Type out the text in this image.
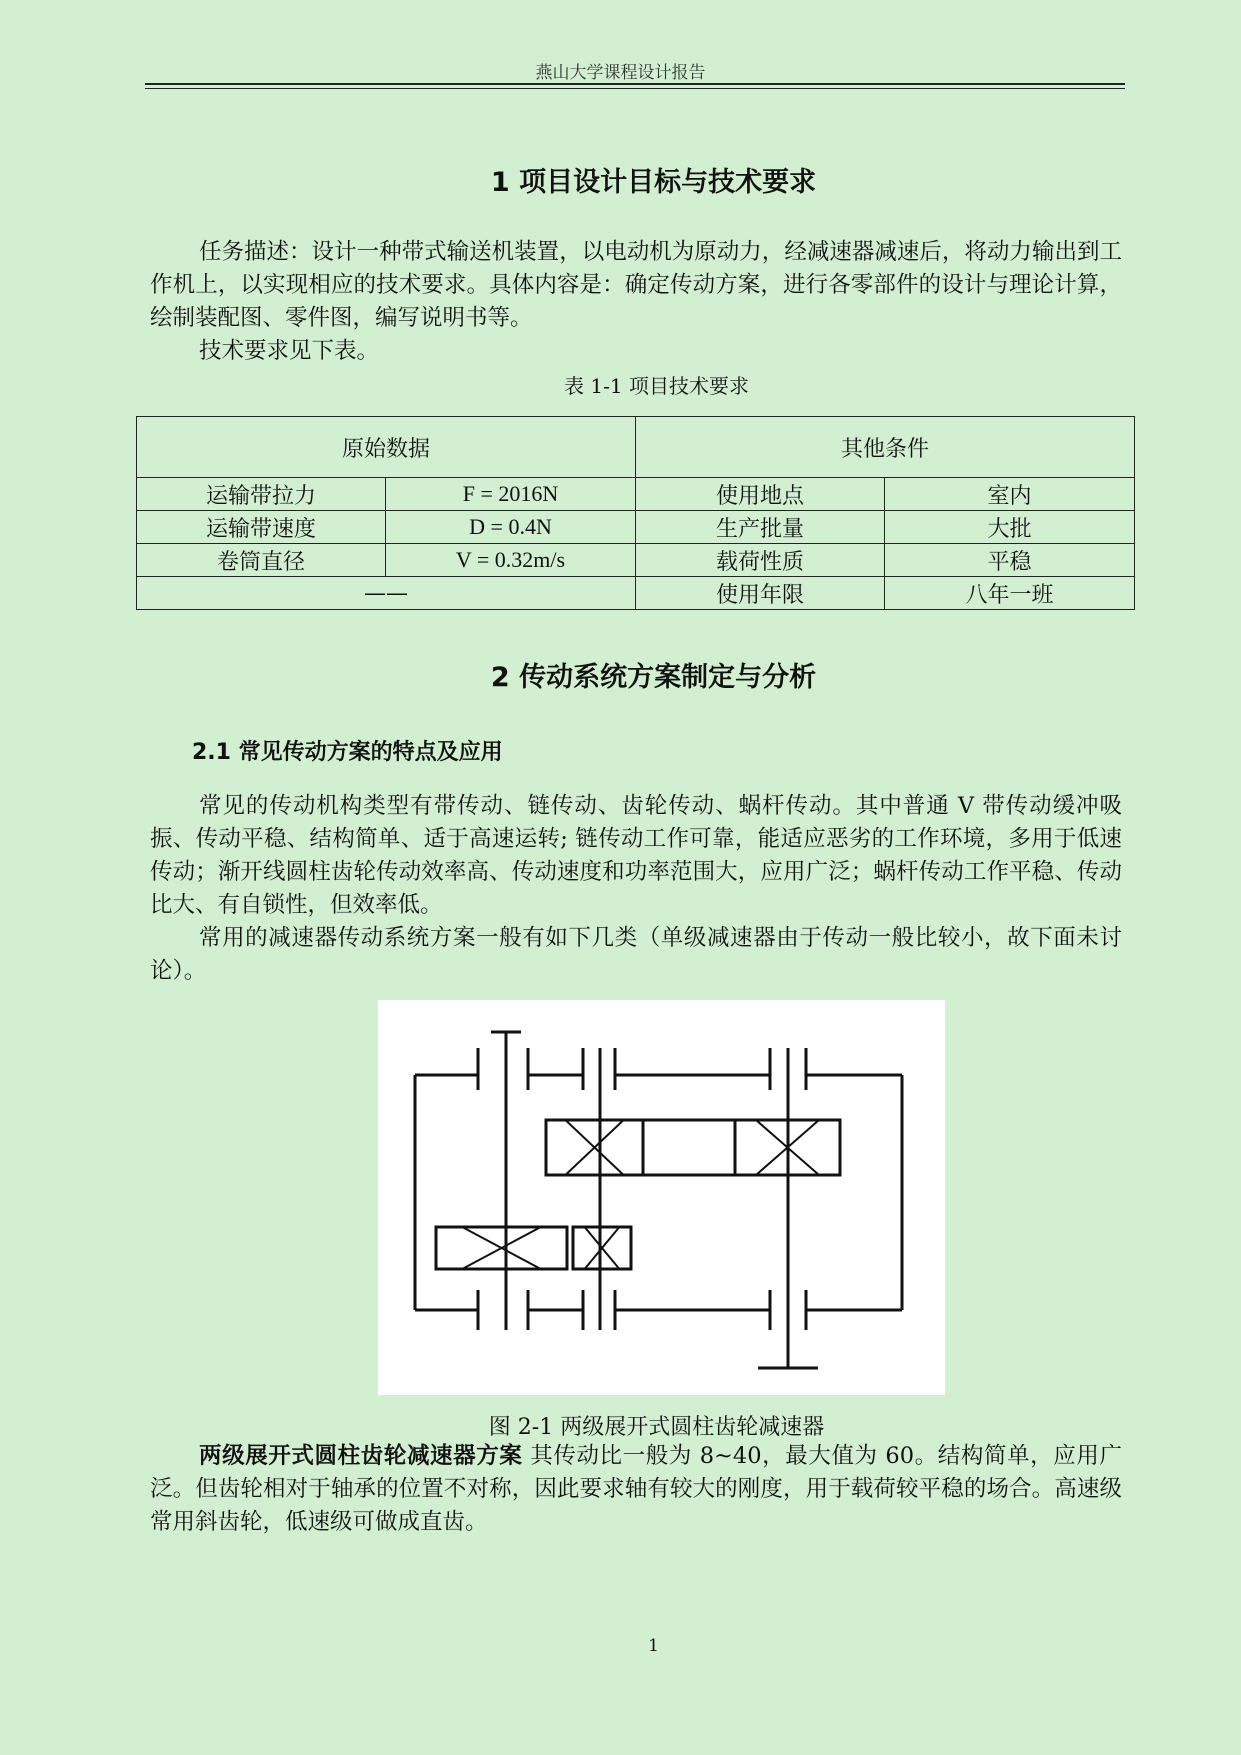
燕山大学课程设计报告
1 项目设计目标与技术要求

任务描述：设计一种带式输送机装置，以电动机为原动力，经减速器减速后，将动力输出到工作机上，以实现相应的技术要求。具体内容是：确定传动方案，进行各零部件的设计与理论计算，绘制装配图、零件图，编写说明书等。

技术要求见下表。

表 1-1 项目技术要求
原始数据		其他条件	
运输带拉力	F = 2016N	使用地点	室内
运输带速度	D = 0.4N	生产批量	大批
卷筒直径	V = 0.32m/s	载荷性质	平稳
——		使用年限	八年一班
2 传动系统方案制定与分析
2.1 常见传动方案的特点及应用

常见的传动机构类型有带传动、链传动、齿轮传动、蜗杆传动。其中普通 V 带传动缓冲吸振、传动平稳、结构简单、适于高速运转; 链传动工作可靠，能适应恶劣的工作环境，多用于低速传动；渐开线圆柱齿轮传动效率高、传动速度和功率范围大，应用广泛；蜗杆传动工作平稳、传动比大、有自锁性，但效率低。

常用的减速器传动系统方案一般有如下几类（单级减速器由于传动一般比较小，故下面未讨论）。

图 2-1 两级展开式圆柱齿轮减速器

两级展开式圆柱齿轮减速器方案 其传动比一般为 8~40，最大值为 60。结构简单，应用广泛。但齿轮相对于轴承的位置不对称，因此要求轴有较大的刚度，用于载荷较平稳的场合。高速级常用斜齿轮，低速级可做成直齿。

1
